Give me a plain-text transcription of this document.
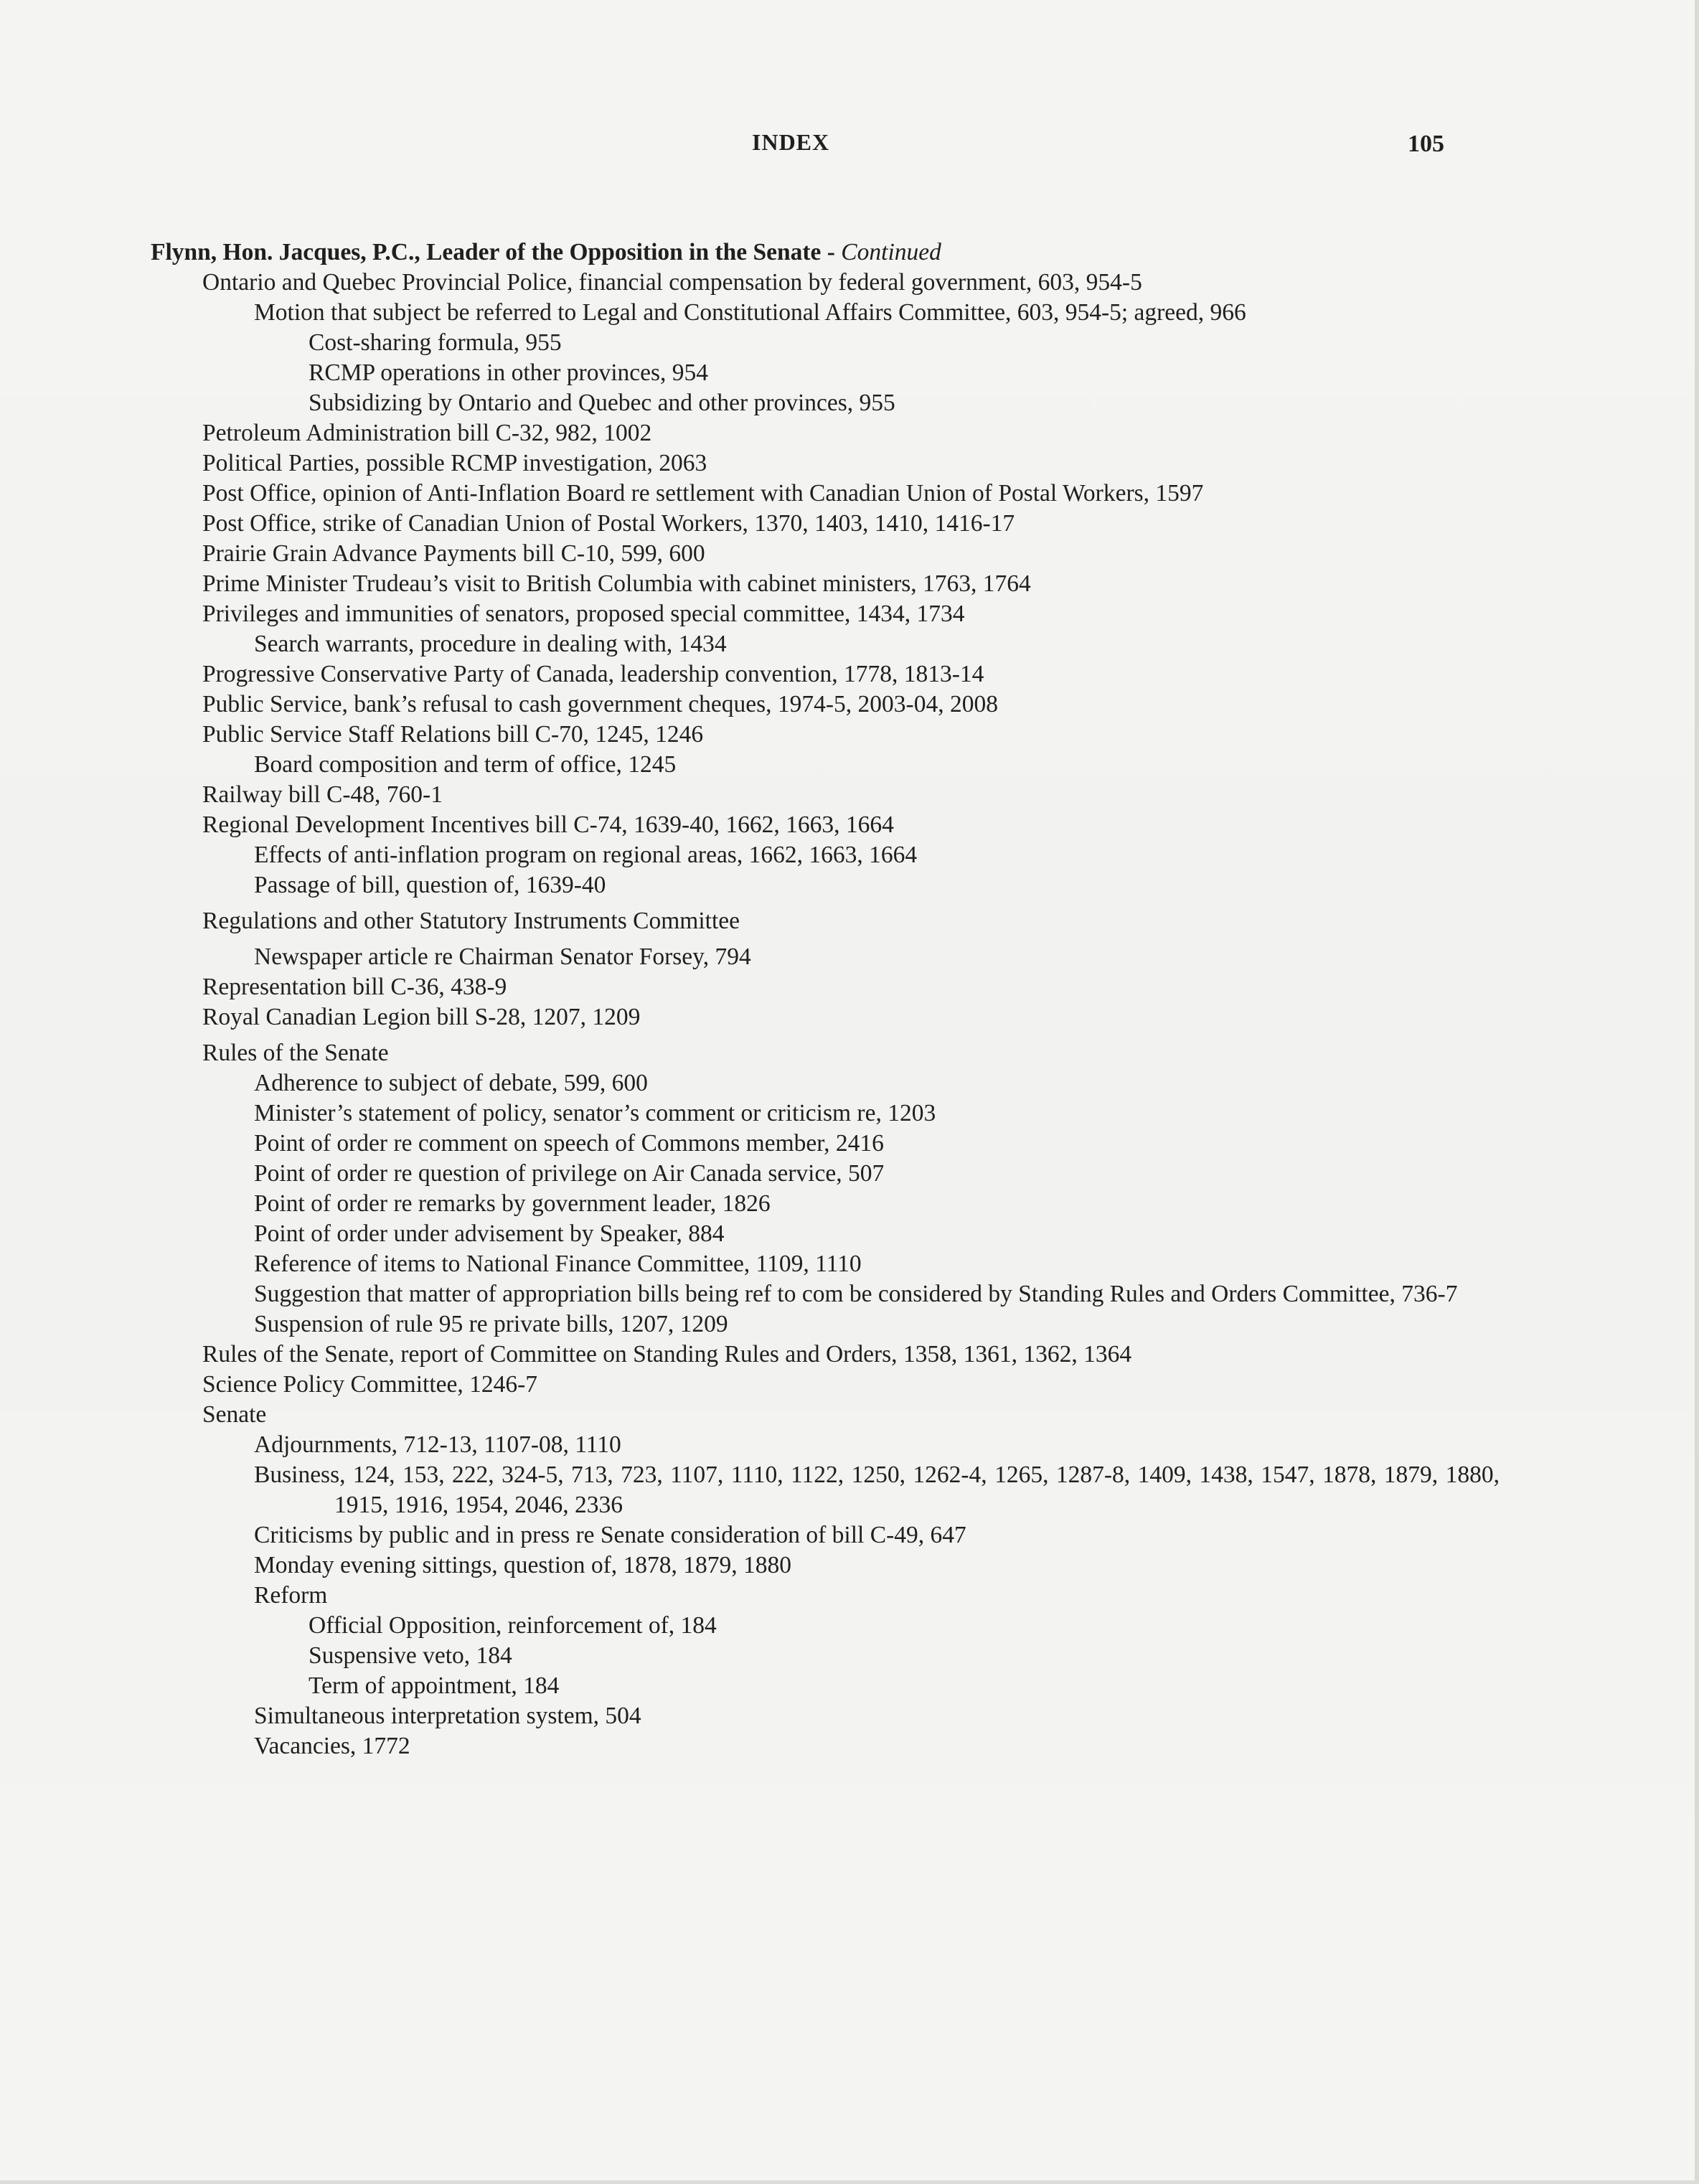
INDEX	105
Flynn, Hon. Jacques, P.C., Leader of the Opposition in the Senate - Continued
Ontario and Quebec Provincial Police, financial compensation by federal government, 603, 954-5
Motion that subject be referred to Legal and Constitutional Affairs Committee, 603, 954-5; agreed, 966
Cost-sharing formula, 955
RCMP operations in other provinces, 954
Subsidizing by Ontario and Quebec and other provinces, 955
Petroleum Administration bill C-32, 982, 1002
Political Parties, possible RCMP investigation, 2063
Post Office, opinion of Anti-Inflation Board re settlement with Canadian Union of Postal Workers, 1597
Post Office, strike of Canadian Union of Postal Workers, 1370, 1403, 1410, 1416-17
Prairie Grain Advance Payments bill C-10, 599, 600
Prime Minister Trudeau’s visit to British Columbia with cabinet ministers, 1763, 1764
Privileges and immunities of senators, proposed special committee, 1434, 1734
Search warrants, procedure in dealing with, 1434
Progressive Conservative Party of Canada, leadership convention, 1778, 1813-14
Public Service, bank’s refusal to cash government cheques, 1974-5, 2003-04, 2008
Public Service Staff Relations bill C-70, 1245, 1246
Board composition and term of office, 1245
Railway bill C-48, 760-1
Regional Development Incentives bill C-74, 1639-40, 1662, 1663, 1664
Effects of anti-inflation program on regional areas, 1662, 1663, 1664
Passage of bill, question of, 1639-40
Regulations and other Statutory Instruments Committee
Newspaper article re Chairman Senator Forsey, 794
Representation bill C-36, 438-9
Royal Canadian Legion bill S-28, 1207, 1209
Rules of the Senate
Adherence to subject of debate, 599, 600
Minister’s statement of policy, senator’s comment or criticism re, 1203
Point of order re comment on speech of Commons member, 2416
Point of order re question of privilege on Air Canada service, 507
Point of order re remarks by government leader, 1826
Point of order under advisement by Speaker, 884
Reference of items to National Finance Committee, 1109, 1110
Suggestion that matter of appropriation bills being ref to com be considered by Standing Rules and Orders Committee, 736-7
Suspension of rule 95 re private bills, 1207, 1209
Rules of the Senate, report of Committee on Standing Rules and Orders, 1358, 1361, 1362, 1364
Science Policy Committee, 1246-7
Senate
Adjournments, 712-13, 1107-08, 1110
Business, 124, 153, 222, 324-5, 713, 723, 1107, 1110, 1122, 1250, 1262-4, 1265, 1287-8, 1409, 1438, 1547, 1878, 1879, 1880, 1915, 1916, 1954, 2046, 2336
Criticisms by public and in press re Senate consideration of bill C-49, 647
Monday evening sittings, question of, 1878, 1879, 1880
Reform
Official Opposition, reinforcement of, 184
Suspensive veto, 184
Term of appointment, 184
Simultaneous interpretation system, 504
Vacancies, 1772
